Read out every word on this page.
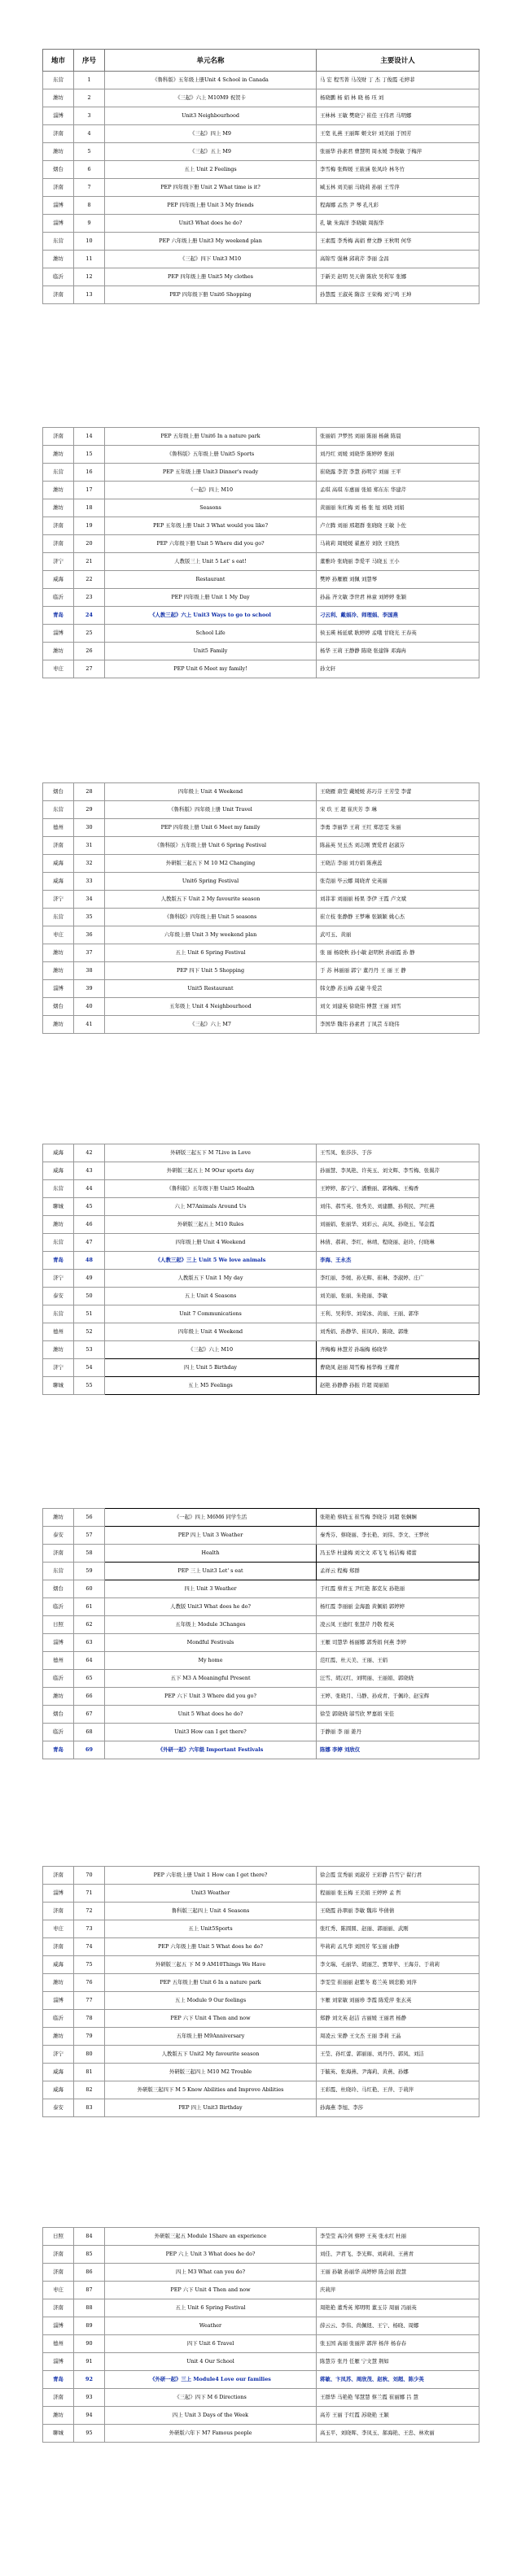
地市	序号	单元名称	主要设计人
东营	1	《鲁科版》五年级上册Unit 4 School in Canada	马 宏 程雪菁 马茂财 丁 杰 丁俊霞 毛婷菲
潍坊	2	《三起》六上 M10M9 祝贺卡	杨晓鹏 杨 娟 林 晓 杨 珏 刘
淄博	3	Unit3 Neighbourhood	王林林 王敏 樊晓宁 崔佳 王伟君 马明娜
济南	4	《三起》四上 M9	王宽 礼燕 王丽晖 姬文轩 刘美丽 于国芳
潍坊	5	《三起》五上 M9	张丽华 孙素君 曹慧明 周永媛 李俊敏 于梅萍
烟台	6	五上 Unit 2 Feelings	李雪梅 张辉媛 王筱涵 张凤玲 林冬竹
济南	7	PEP 四年级下册 Unit 2 What time is it?	臧玉林 刘美丽 马晓莉 孙丽 王雪萍
淄博	8	PEP 四年级上册 Unit 3 My friends	程海娜 孟然 尹 琴 孔凡彩
淄博	9	Unit3 What does he do?	孔 敏 朱海洋 李晓敏 周振华
东营	10	PEP 六年级上册 Unit3 My weekend plan	王素霞 李秀梅 高娟 曹文静 王秋明 何华
潍坊	11	《三起》四下 Unit3 M10	高锦雪 强琳 邱莉芹 李丽 金昌
临沂	12	PEP 四年级上册 Unit5 My clothes	于新美 赵明 吴天倩 陈欣 吴利军 张娜
济南	13	PEP 四年级下册 Unit6 Shopping	孙慧霞 王淑英 隋彦 王荣梅 刘宁鸣 王坤
济南	14	PEP 五年级上册 Unit6 In a nature park	张丽娟 尹梦然 刘丽 陈丽 杨薇 陈晨
潍坊	15	《鲁科版》五年级上册 Unit5 Sports	刘丹红 刘媛 刘晓华 陈婷婷 张丽
东营	16	PEP 五年级上册 Unit3 Dinner's ready	崔晓露 李贺 李慧 孙明宇 刘丽 王平
潍坊	17	《一起》四上 M10	孟琪 高琪 车惠丽 张娟 郑东东 华建芹
潍坊	18	Seasons	黄丽丽 朱红梅 刘 杨 张 旭 刘晓 刘娟
济南	19	PEP 五年级上册 Unit 3 What would you like?	卢立腾 刘丽 邢超群 张晓晓 王敏 卜佐
济南	20	PEP 六年级下册 Unit 5 Where did you go?	马莉莉 周媛媛 翟惠芳 刘欣 王晓然
济宁	21	人教版三上 Unit 5 Let' s eat!	董雅玲 张晓丽 李爱平 马晓玉 王小
威海	22	Restaurant	樊婷 孙雁雁 刘佩 刘慧琴
临沂	23	PEP 四年级上册 Unit 1 My Day	孙晶 齐文敏 李世君 林童 刘婷婷 张颖
青岛	24	《人教三起》六上 Unit3 Ways to go to school	刁云利、戴娟冷、师理娟、李国燕
淄博	25	School Life	侯玉瑛 杨延斌 耿婷婷 孟哦 甘晓光 王春英
潍坊	26	Unit5 Family	杨华 王莉 王静静 陈晓 张建锋 邓海冉
枣庄	27	PEP Unit 6 Meet my family!	孙文轩
烟台	28	四年级上 Unit 4 Weekend	王晓雁 唐莹 戴媛媛 苏巧芬 王芳莹 李蕾
东营	29	《鲁科版》四年级上册 Unit Travel	宋 玖 王 超 崔庆芳 李 琳
德州	30	PEP 四年级上册 Unit 6 Meet my family	李勇 李丽华 王莉 王红 郑思雯 朱丽
济南	31	《鲁科版》五年级上册 Unit 6 Spring Festival	陈晶英 吴玉杰 刘志刚 贾爱君 赵淑芬
威海	32	外研版三起五下 M 10 M2 Changing	王晓洁 李丽 刘方娟 陈燕蕊
威海	33	Unit6 Spring Festival	张克丽 毕云娜 周晓青 史英丽
济宁	34	人教版五下 Unit 2 My favourite season	刘菲菲 刘丽丽 杨果 李伊 王霞 卢文斌
东营	35	《鲁科版》四年级上册 Unit 5 seasons	崔立枝 张静静 王梦琳 张颖颖 姚心杰
枣庄	36	六年级上册 Unit 3 My weekend plan	武可玉、黄丽
潍坊	37	五上 Unit 6 Spring Festival	张 丽 杨晓秋 孙小敏 赵明秋 孙丽霞 孙 静
潍坊	38	PEP 四下 Unit 5 Shopping	于 苏 林丽丽 郭宁 董丹丹 王 丽 王 静
淄博	39	Unit5 Restaurant	韩文静 苏玉峰 孟婕 牛爱芸
烟台	40	五年级上 Unit 4 Neighbourhood	刘文 刘建英 徐晓伟 傅慧 王丽 刘雪
潍坊	41	《三起》六上 M7	李国华 魏伟 孙素君 丁凤芸 车晓伟
威海	42	外研版三起五下 M 7Live in Love	王雪凤、张莎莎、于莎
威海	43	外研版三起五上 M 9Our sports day	孙丽慧、李凤艳、许英玉、刘文辉、李雪梅、张翼芹
东营	44	《鲁科版》五年级下册 Unit5 Health	王婷婷、郝宁宁、潘雅丽、郭梅梅、王梅香
聊城	45	六上 M7Animals Around Us	刘伟、郝雪英、张秀美、刘建鹏、孙利民、尹红燕
潍坊	46	外研版三起五上 M10 Rules	刘丽娟、张丽华、刘彩云、高凤、孙晓玉、邹金霞
东营	47	四年级上册 Unit 4 Weekend	林倩、郝莉、李红、林靖、程晓丽、赵玲、付晓琳
青岛	48	《人教三起》三上 Unit 5 We love animals	李海、王永杰
济宁	49	人教版五下 Unit 1 My day	李红丽、李媛、孙光辉、崔琳、李淑婷、庄广
泰安	50	五上 Unit 4 Seasons	刘美丽、张丽、朱艳丽、李敏
东营	51	Unit 7 Communications	王利、吴利华、刘荣冰、黄丽、王丽、郭华
德州	52	四年级上 Unit 4 Weekend	刘秀娟、孙静华、崔凤玲、陈晓、郭维
潍坊	53	《三起》六上 M10	齐梅梅 林慧芳 孙瑞梅 杨晓华
济宁	54	四上 Unit 5 Birthday	曹晓凤 赵丽 周雪梅 杨华梅 王耀青
聊城	55	五上 M5 Feelings	赵艳 孙静静 孙振 许超 周丽娟
潍坊	56	《一起》四上 M6M6 同学生活	张艳艳 蔡晓玉 崔雪梅 李晓芬 刘超 张娴娴
泰安	57	PEP 四上 Unit 3 Weather	秦秀芬、蔡晓丽、李长艳、刘伟、李文、王梦丝
济南	58	Health	冯玉华 杜建梅 刘文文 邓飞飞 杨洁梅 褚蕾
东营	59	PEP 三上 Unit3 Let' s eat	孟祥云 程梅 郑群
烟台	60	四上 Unit 3 Weather	于红霞 蔡青玉 尹红艳 郝克友 孙艳丽
临沂	61	人教版 Unit3 What does he do?	杨红霞 李丽丽 金海盈 黄佩娟 郭婷婷
日照	62	五年级上 Module 3Changes	凌云凤 王德红 张慧芹 丹敬 程英
淄博	63	Mondful Festivals	王雁 司慧华 杨丽娜 郭秀娟 何燕 李婷
德州	64	My home	范红霞、杜天美、王丽、王娟
临沂	65	五下 M3 A Meaningful Present	汪雪、胡汉红、刘明丽、王丽娟、郭晓晓
潍坊	66	PEP 六下 Unit 3 Where did you go?	王婷、张晓月、马静、孙成青、于佩玲、赵宝辉
烟台	67	Unit 5 What does he do?	徐莹 郭晓晓 邬雪欣 罗嘉娟 宋佳
临沂	68	Unit3 How can I get there?	于静丽 李 丽 姜丹
青岛	69	《外研一起》六年级 Important Festivals	陈娜 李婷 刘欣仪
济南	70	PEP 六年级上册 Unit 1 How can I get there?	徐会霞 宣秀丽 刘淑芳 王彩静 吕雪宁 翟行君
淄博	71	Unit3 Weather	程丽丽 张玉梅 王美娟 王婷婷 孟 哲
济南	72	鲁科版三起四上 Unit 4 Seasons	王晓霞 孙翠丽 李敏 魏玮 毕倩倩
枣庄	73	五上 Unit5Sports	张红秀、陈圆圆、赵丽、郭丽丽、武刚
济南	74	PEP 六年级上册 Unit 5 What does he do?	毕莉莉 孟凡华 刘国芳 邹玉丽 曲静
威海	75	外研版三起五 下 M 9 AM10Things We Have	李文瑞、毛丽华、胡丽芝、贾翠苹、王海芬、于莉莉
潍坊	76	PEP 五年级上册 Unit 6 In a nature park	李雯莹 崔丽丽 赵紫冬 葛兰英 顾忠勤 刘萍
淄博	77	五上 Module 9 Our feelings	卞雁 刘家敏 刘丽珍 李霞 陈爱萍 张玄英
临沂	78	PEP 六下 Unit 4 Then and now	郑静 刘文英 赵洁 古丽媛 王丽君 杨静
潍坊	79	五年级上册 M9Anniversary	周凌云 宋静 王文杰 王丽 李莉 王晶
济宁	80	人教版五下 Unit2 My favourite season	王莹、孙红蕾、郭丽丽、刘丹丹、郭凤、刘洁
威海	81	外研版三起四上 M10 M2 Trouble	于毓英、张海燕、尹海莉、黄燕、孙娜
威海	82	外研版三起四下 M 5 Know Abilities and Improve Abilities	王彩霞、杜晓玲、马红艳、王萍、于莉萍
泰安	83	PEP 四上 Unit3 Birthday	孙海燕 李旭、李莎
日照	84	外研版三起五 Module 1Share an experience	李莹莹 高冷剑 蔡婷 王英 张永红 杜丽
济南	85	PEP 六上 Unit 3 What does he do?	刘佳、尹君飞、李光辉、刘莉莉、王燕青
济南	86	四上 M3 What can you do?	王丽 孙敏 孙丽华 高婷婷 陈会丽 段慧
枣庄	87	PEP 六下 Unit 4 Then and now	庆莉萍
济南	88	五上 Unit 6 Spring Festival	周艳艳 董秀英 郑明明 董玉芬 周丽 冯丽英
淄博	89	Weather	薛云云、李伟、尚佩纽、王宁、杨晓、周娜
德州	90	四下 Unit 6 Travel	张玉国 高丽 张丽萍 郭萍 杨萍 杨春春
淄博	91	Unit 4 Our School	陈慧芬 张丹 任雁 宁文慧 荆如
青岛	92	《外研一起》三上 Module4 Love our families	蒋敏、卞凤苏、周欣茂、赵秋、刘超、陈少英
济南	93	《三起》四下 M 6 Directions	王群华 马艳艳 邹慧慧 蔡兰霞 崔丽娜 吕 慧
潍坊	94	四上 Unit 3 Days of the Week	高芳 王丽 于红霞 苏晓艳 王颖
聊城	95	外研版六年下 M7 Famous people	高玉平、刘晓晖、李凤玉、郝海艳、王忠、林欢丽
